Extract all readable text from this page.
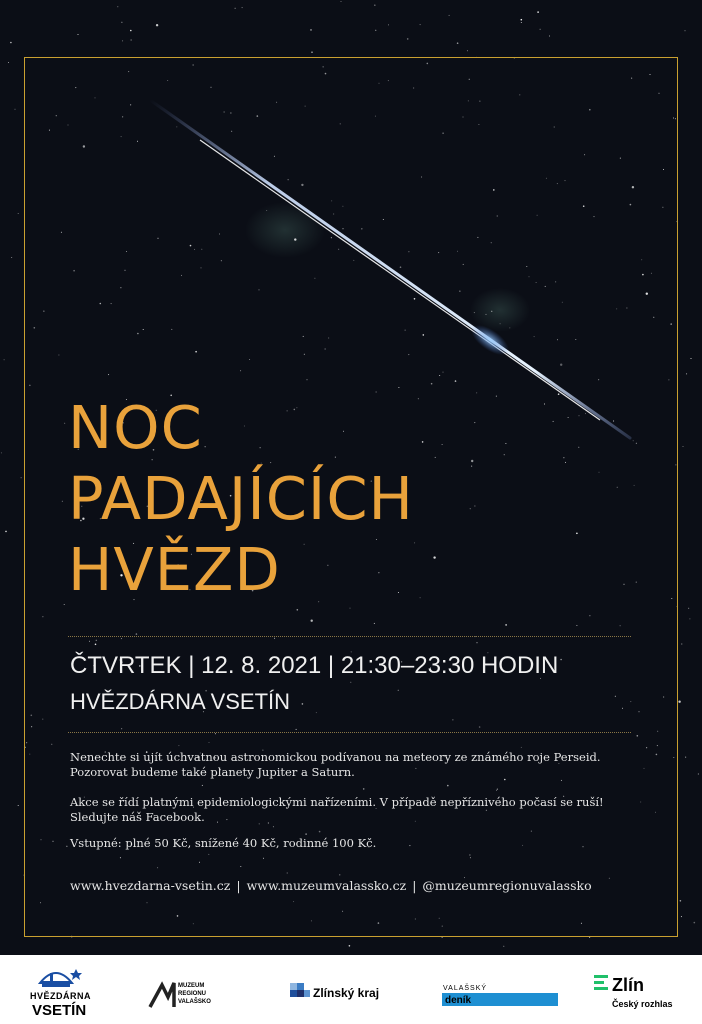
NOC
PADAJÍCÍCH
HVĚZD
ČTVRTEK | 12. 8. 2021 | 21:30–23:30 HODIN
HVĚZDÁRNA VSETÍN

Nenechte si ujít úchvatnou astronomickou podívanou na meteory ze známého roje Perseid. Pozorovat budeme také planety Jupiter a Saturn.

Akce se řídí platnými epidemiologickými nařízeními. V případě nepříznivého počasí se ruší! Sledujte náš Facebook.

Vstupné: plné 50 Kč, snížené 40 Kč, rodinné 100 Kč.

www.hvezdarna-vsetin.cz | www.muzeumvalassko.cz | @muzeumregionuvalassko
HVĚZDÁRNA
VSETÍN
MUZEUM
REGIONU
VALAŠSKO
Zlínský kraj	VALAŠSKÝ
deník
Zlín
Český rozhlas
